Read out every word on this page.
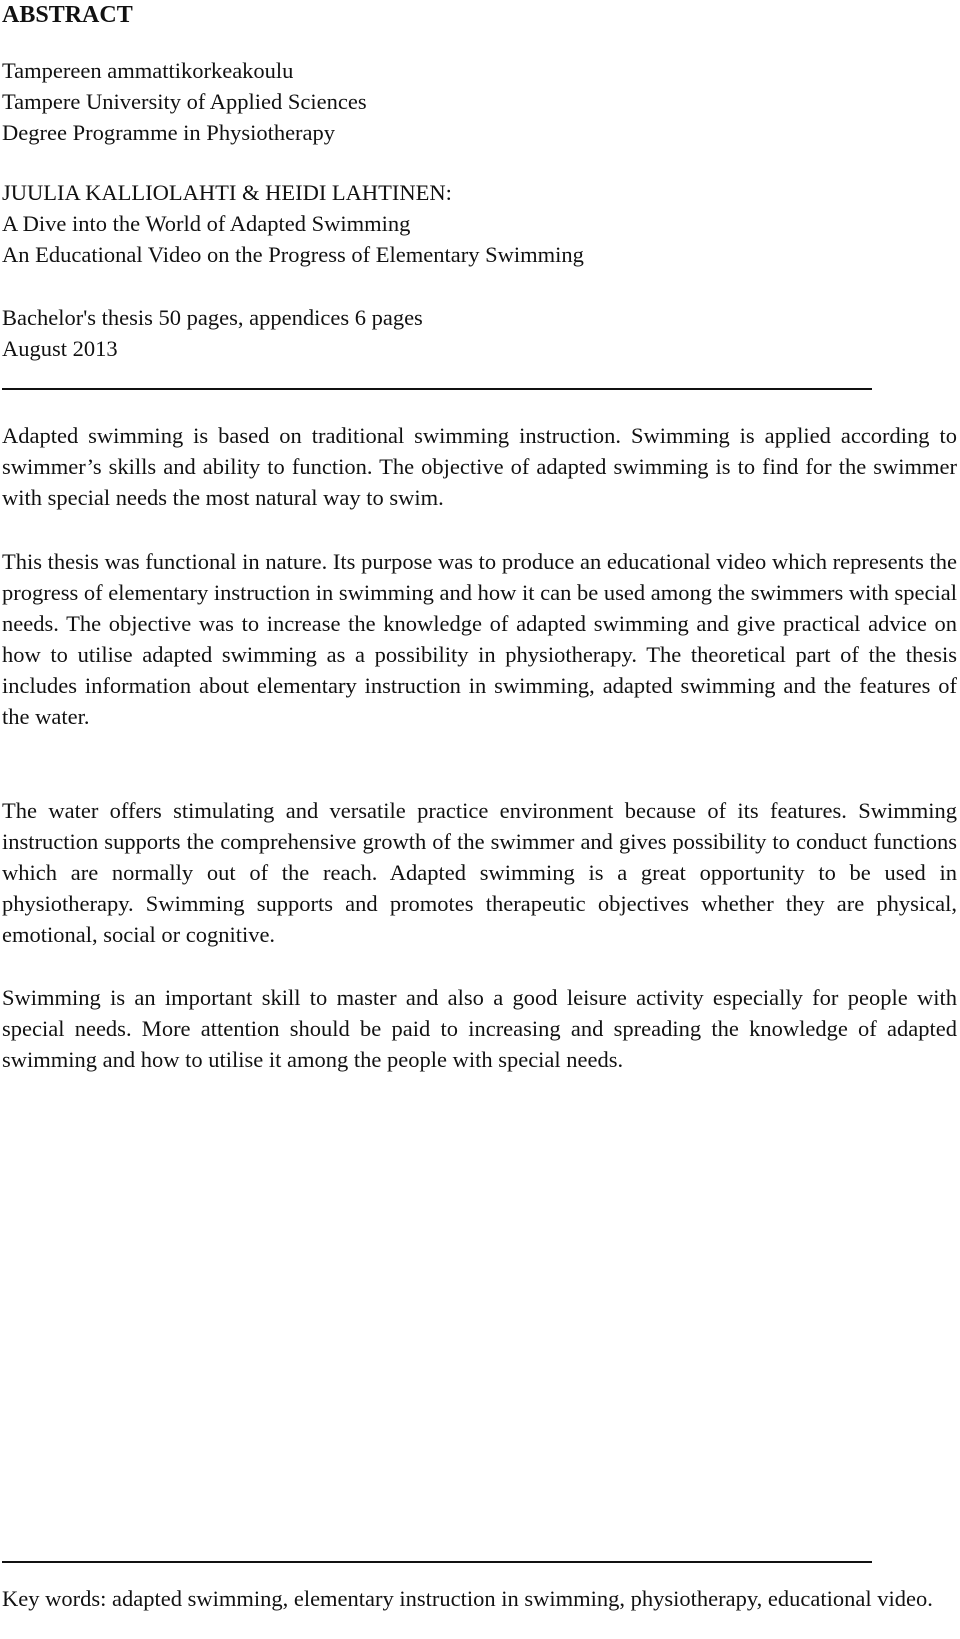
ABSTRACT

Tampereen ammattikorkeakoulu

Tampere University of Applied Sciences

Degree Programme in Physiotherapy

JUULIA KALLIOLAHTI & HEIDI LAHTINEN:

A Dive into the World of Adapted Swimming

An Educational Video on the Progress of Elementary Swimming

Bachelor's thesis 50 pages, appendices 6 pages

August 2013

Adapted swimming is based on traditional swimming instruction. Swimming is applied according to swimmer’s skills and ability to function. The objective of adapted swimming is to find for the swimmer with special needs the most natural way to swim.

This thesis was functional in nature. Its purpose was to produce an educational video which represents the progress of elementary instruction in swimming and how it can be used among the swimmers with special needs. The objective was to increase the knowledge of adapted swimming and give practical advice on how to utilise adapted swimming as a possibility in physiotherapy. The theoretical part of the thesis includes information about elementary instruction in swimming, adapted swimming and the features of the water.

The water offers stimulating and versatile practice environment because of its features. Swimming instruction supports the comprehensive growth of the swimmer and gives possibility to conduct functions which are normally out of the reach. Adapted swimming is a great opportunity to be used in physiotherapy. Swimming supports and promotes therapeutic objectives whether they are physical, emotional, social or cognitive.

Swimming is an important skill to master and also a good leisure activity especially for people with special needs. More attention should be paid to increasing and spreading the knowledge of adapted swimming and how to utilise it among the people with special needs.

Key words: adapted swimming, elementary instruction in swimming, physiotherapy, educational video.
